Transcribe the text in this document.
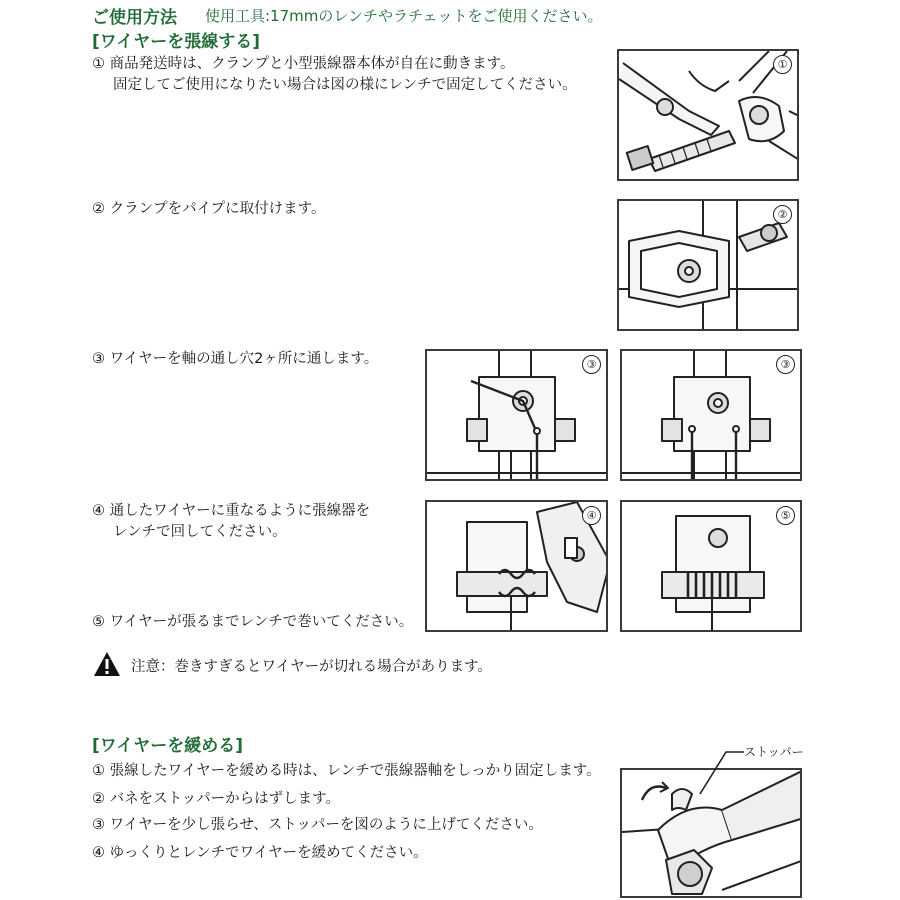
ご使用方法 使用工具:17mmのレンチやラチェットをご使用ください。
[ワイヤーを張線する]
① 商品発送時は、クランプと小型張線器本体が自在に動きます。
固定してご使用になりたい場合は図の様にレンチで固定してください。
② クランプをパイプに取付けます。
③ ワイヤーを軸の通し穴2ヶ所に通します。
④ 通したワイヤーに重なるように張線器を
レンチで回してください。
⑤ ワイヤーが張るまでレンチで巻いてください。
①
②
③	③
④	⑤
注意：巻きすぎるとワイヤーが切れる場合があります。
[ワイヤーを緩める]
① 張線したワイヤーを緩める時は、レンチで張線器軸をしっかり固定します。
② バネをストッパーからはずします。
③ ワイヤーを少し張らせ、ストッパーを図のように上げてください。
④ ゆっくりとレンチでワイヤーを緩めてください。
ストッパー
